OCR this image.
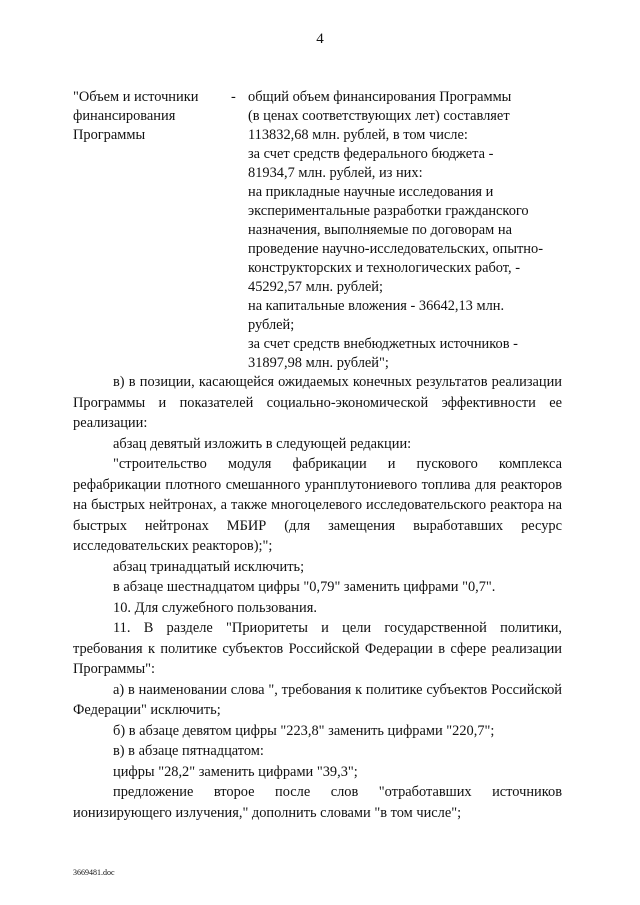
4
"Объем и источники
финансирования
Программы
- общий объем финансирования Программы
(в ценах соответствующих лет) составляет
113832,68 млн. рублей, в том числе:
за счет средств федерального бюджета -
81934,7 млн. рублей, из них:
на прикладные научные исследования и
экспериментальные разработки гражданского
назначения, выполняемые по договорам на
проведение научно-исследовательских, опытно-
конструкторских и технологических работ, -
45292,57 млн. рублей;
на капитальные вложения - 36642,13 млн.
рублей;
за счет средств внебюджетных источников -
31897,98 млн. рублей";

в) в позиции, касающейся ожидаемых конечных результатов реализации Программы и показателей социально-экономической эффективности ее реализации:

абзац девятый изложить в следующей редакции:

"строительство модуля фабрикации и пускового комплекса рефабрикации плотного смешанного уранплутониевого топлива для реакторов на быстрых нейтронах, а также многоцелевого исследовательского реактора на быстрых нейтронах МБИР (для замещения выработавших ресурс исследовательских реакторов);";

абзац тринадцатый исключить;

в абзаце шестнадцатом цифры "0,79" заменить цифрами "0,7".

10. Для служебного пользования.

11. В разделе "Приоритеты и цели государственной политики, требования к политике субъектов Российской Федерации в сфере реализации Программы":

а) в наименовании слова ", требования к политике субъектов Российской Федерации" исключить;

б) в абзаце девятом цифры "223,8" заменить цифрами "220,7";

в) в абзаце пятнадцатом:

цифры "28,2" заменить цифрами "39,3";

предложение второе после слов "отработавших источников ионизирующего излучения," дополнить словами "в том числе";

3669481.doc
